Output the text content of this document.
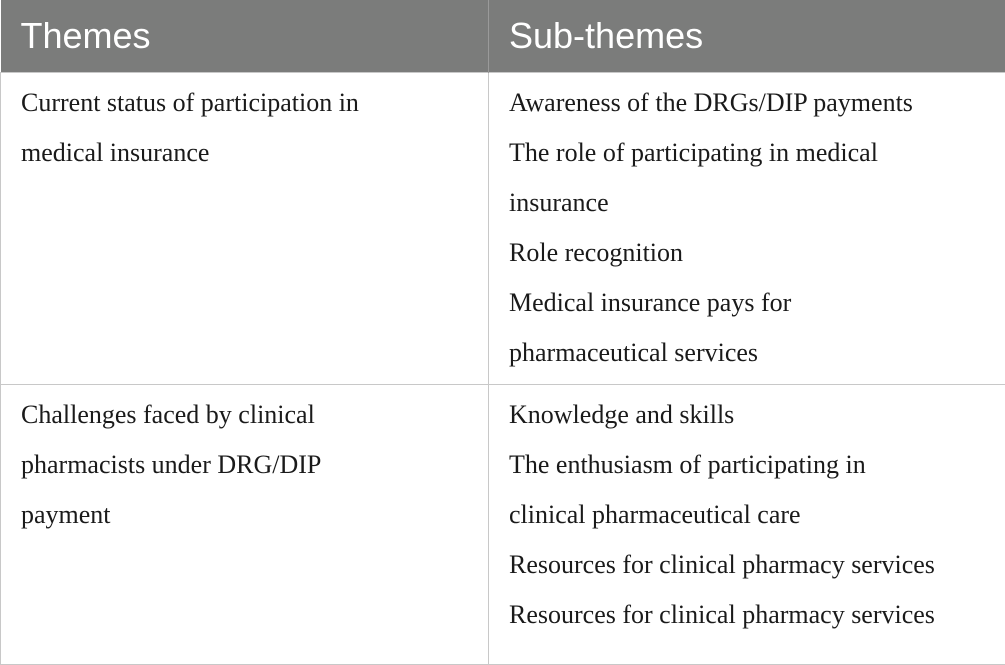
Themes	Sub-themes
Current status of participation in medical insurance	Awareness of the DRGs/DIP payments
The role of participating in medical insurance
Role recognition
Medical insurance pays for pharmaceutical services

Challenges faced by clinical pharmacists under DRG/DIP payment	Knowledge and skills
The enthusiasm of participating in clinical pharmaceutical care
Resources for clinical pharmacy services
Resources for clinical pharmacy services
